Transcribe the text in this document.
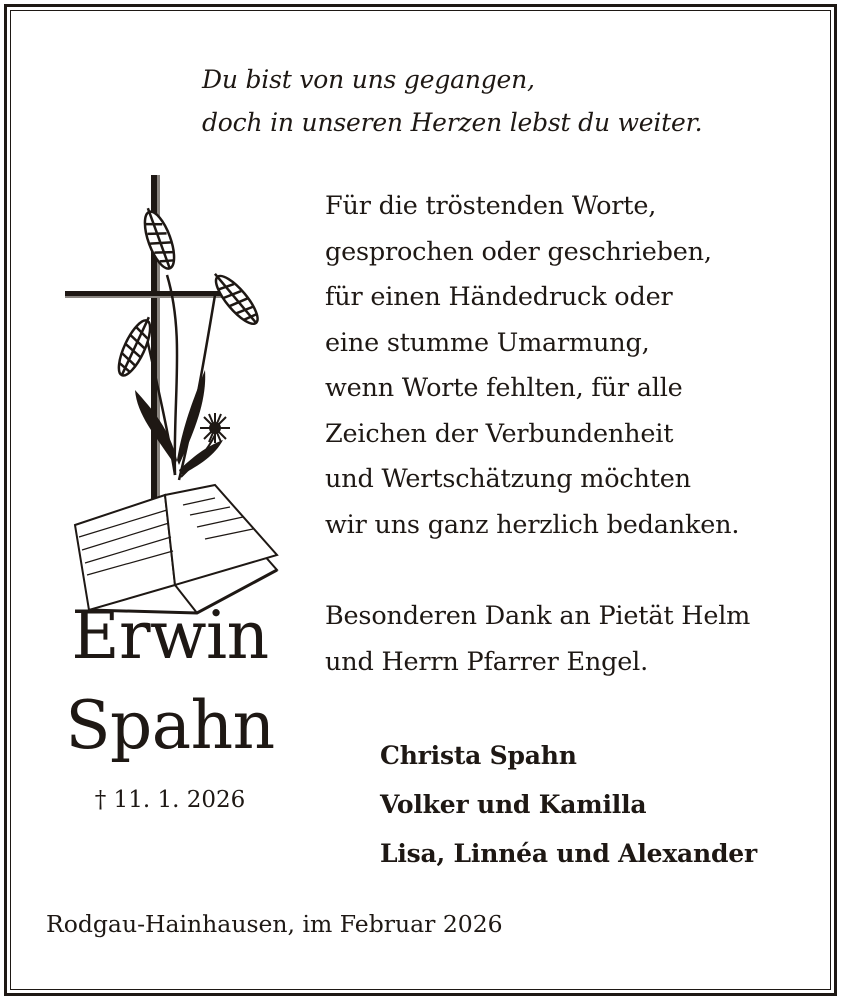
Du bist von uns gegangen,
doch in unseren Herzen lebst du weiter.
Für die tröstenden Worte,
gesprochen oder geschrieben,
für einen Händedruck oder
eine stumme Umarmung,
wenn Worte fehlten, für alle
Zeichen der Verbundenheit
und Wertschätzung möchten
wir uns ganz herzlich bedanken.
Besonderen Dank an Pietät Helm
und Herrn Pfarrer Engel.
Erwin
Spahn
† 11. 1. 2026
Christa Spahn
Volker und Kamilla
Lisa, Linnéa und Alexander
Rodgau-Hainhausen, im Februar 2026
